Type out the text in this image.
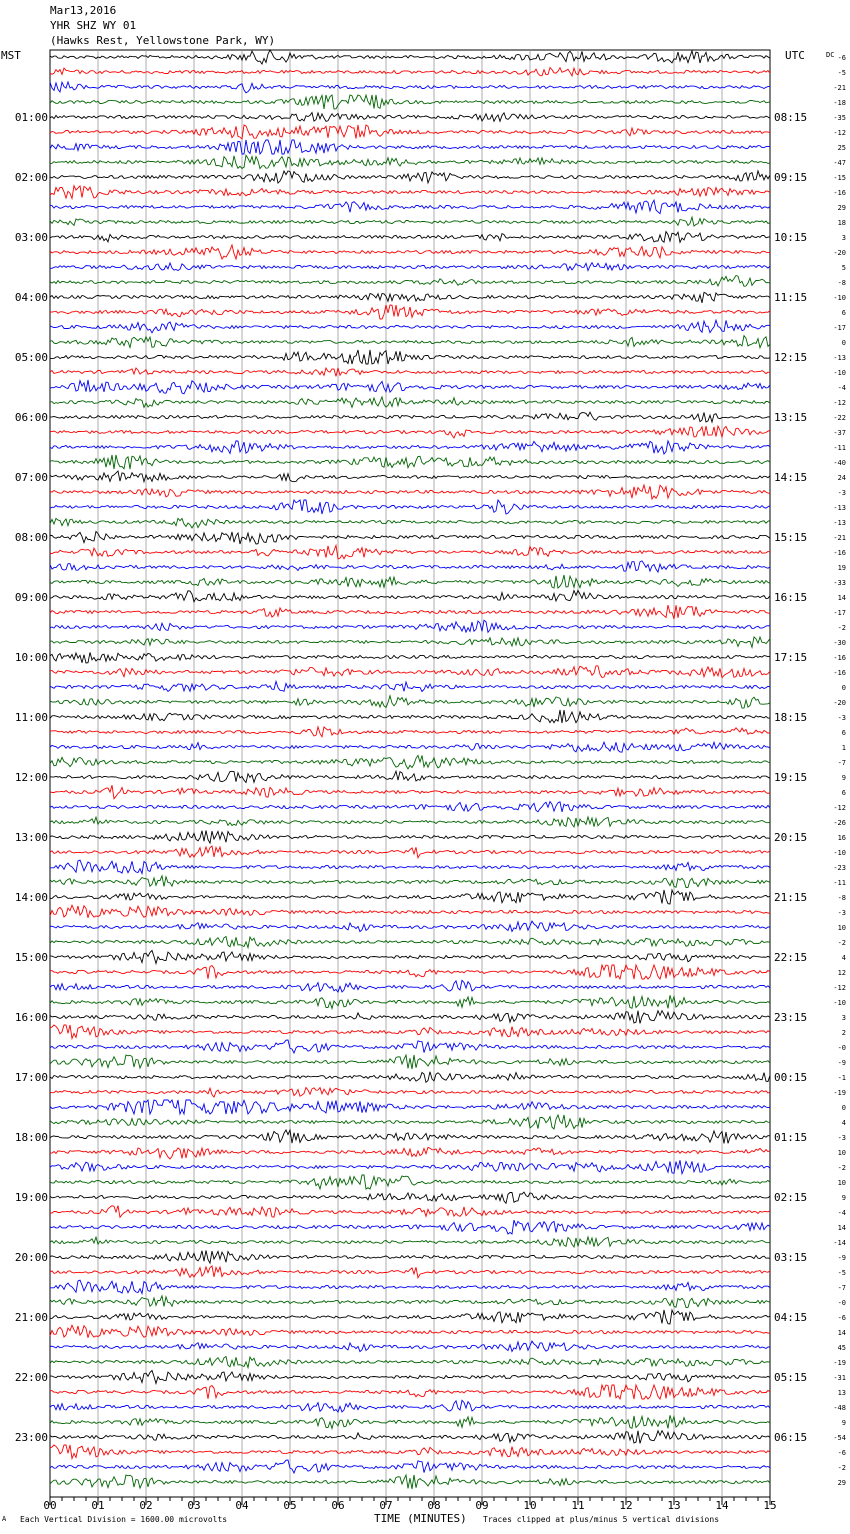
Mar13,2016
YHR SHZ WY 01
(Hawks Rest, Yellowstone Park, WY)
MST	UTC	DC -6
-5
-21
-18
-35
-12
25
-47
-15
-16
29
18
3
-20
5
-8
-10
6
-17
0
-13
-10
-4
-12
-22
-37
-11
-40
24
-3
-13
-13
-21
-16
19
-33
14
-17
-2
-30
-16
-16
0
-20
-3
6
1
-7
9
6
-12
-26
16
-10
-23
-11
-8
-3
10
-2
4
12
-12
-10
3
2
-0
-9
-1
-19
0
4
-3
10
-2
10
9
-4
14
-14
-9
-5
-7
-0
-6
14
45
-19
-31
13
-48
9
-54
-6
-2
29
01:00	08:15
02:00	09:15
03:00	10:15
04:00	11:15
05:00	12:15
06:00	13:15
07:00	14:15
08:00	15:15
09:00	16:15
10:00	17:15
11:00	18:15
12:00	19:15
13:00	20:15
14:00	21:15
15:00	22:15
16:00	23:15
17:00	00:15
18:00	01:15
19:00	02:15
20:00	03:15
21:00	04:15
22:00	05:15
23:00	06:15
00	01	02	03	04	05	06	07	08	09	10	11	12	13	14	15
A Each Vertical Division = 1600.00 microvolts	TIME (MINUTES) Traces clipped at plus/minus 5 vertical divisions
